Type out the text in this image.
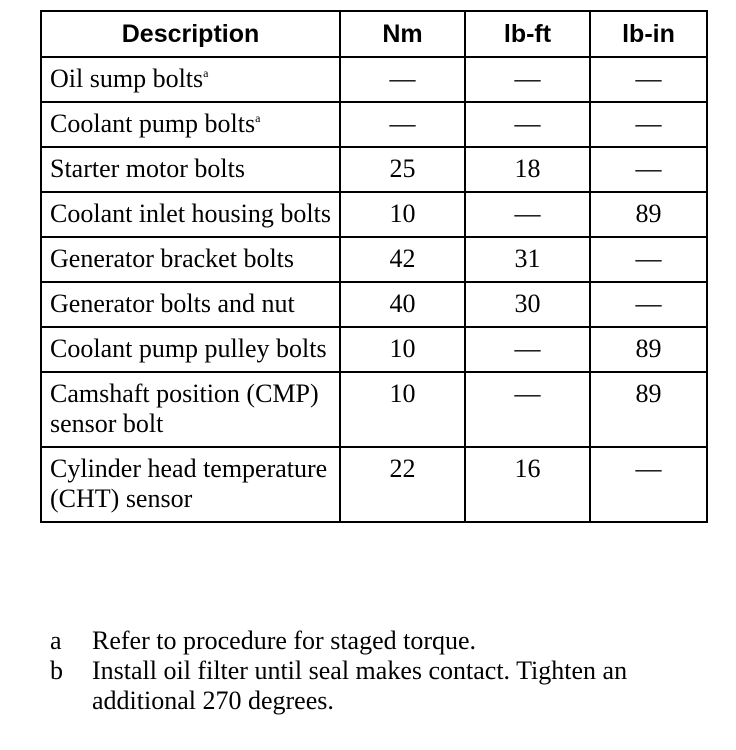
Description	Nm	lb-ft	lb-in
Oil sump bolts$^a$	—	—	—
Coolant pump bolts$^a$	—	—	—
Starter motor bolts	25	18	—
Coolant inlet housing bolts	10	—	89
Generator bracket bolts	42	31	—
Generator bolts and nut	40	30	—
Coolant pump pulley bolts	10	—	89
Camshaft position (CMP) sensor bolt	10	—	89
Cylinder head temperature (CHT) sensor	22	16	—
a	Refer to procedure for staged torque.
b	Install oil filter until seal makes contact. Tighten an additional 270 degrees.
